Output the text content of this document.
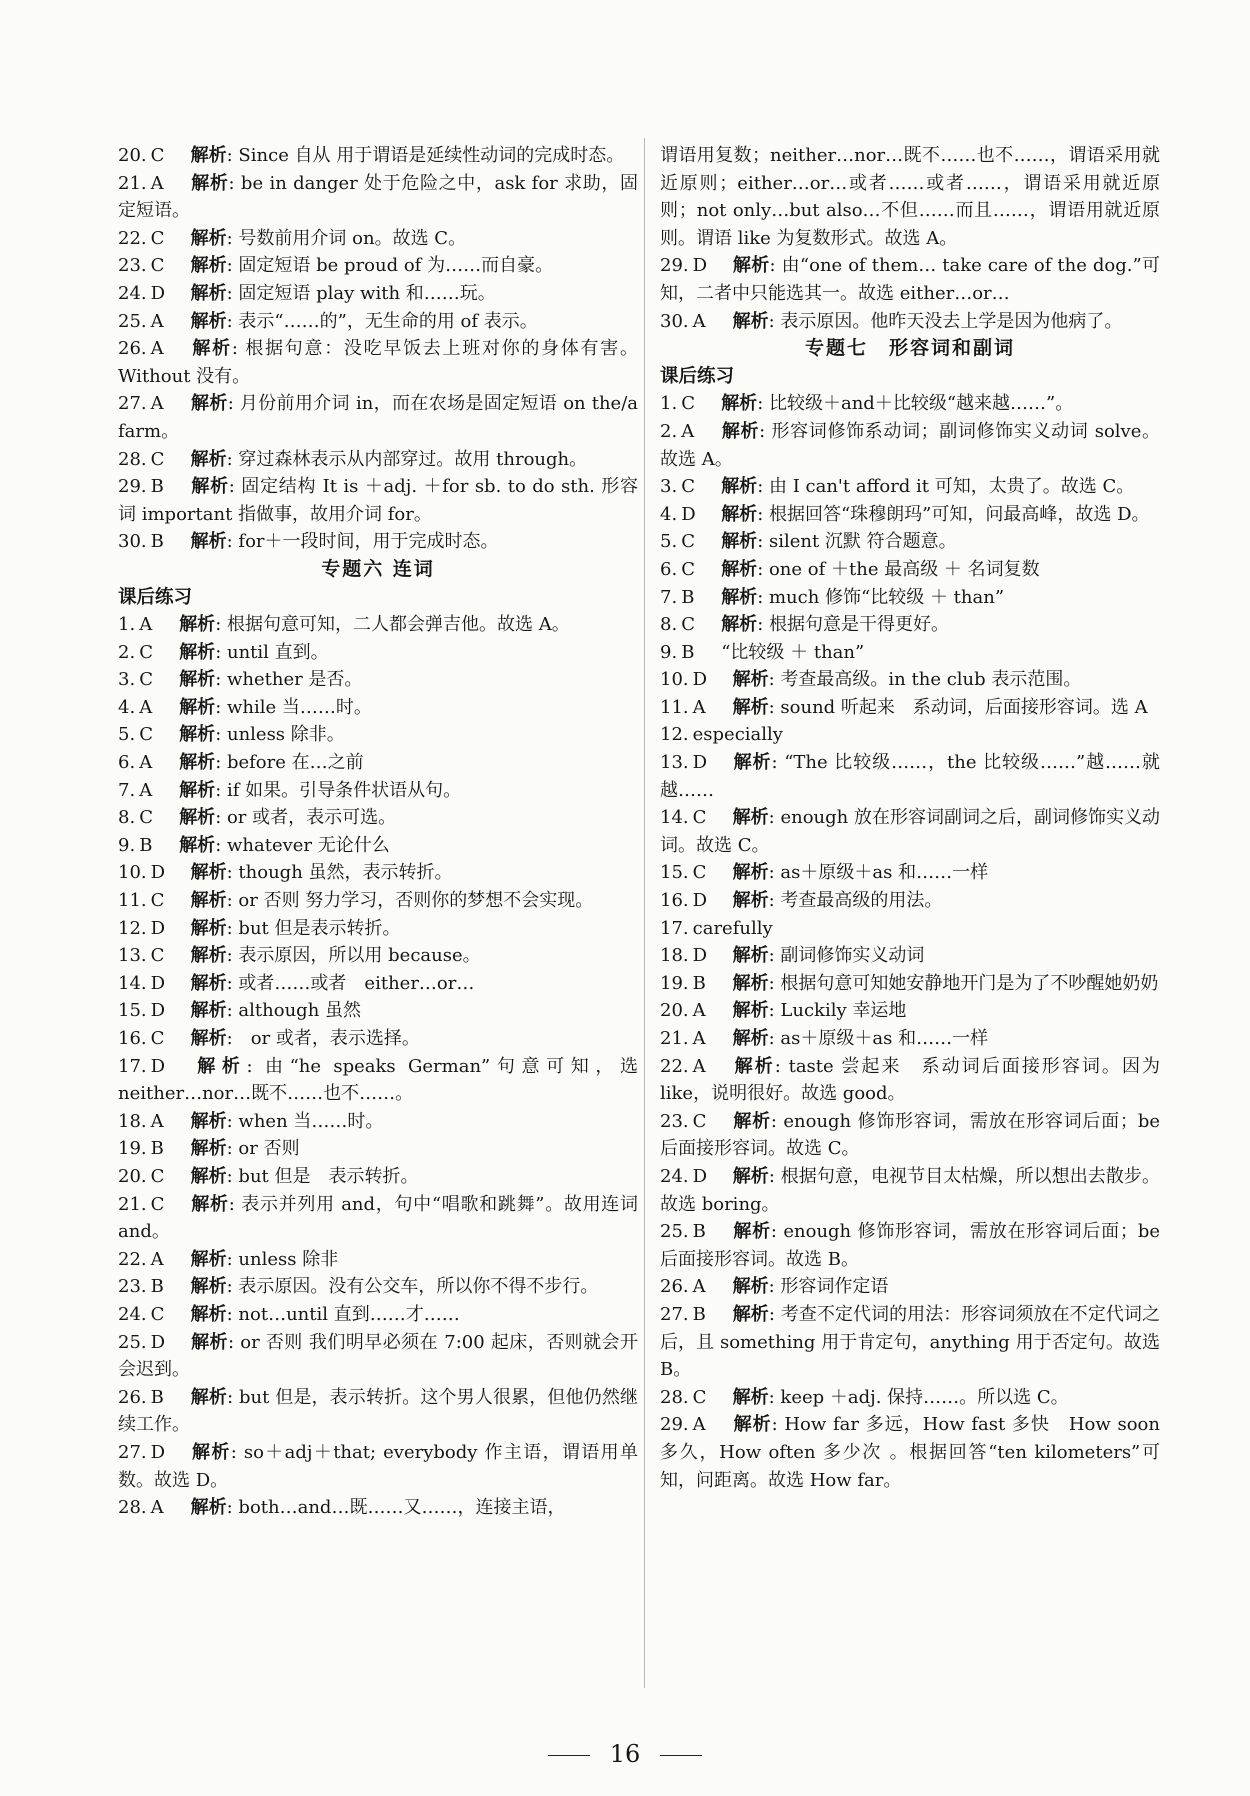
20. C 解析: Since 自从 用于谓语是延续性动词的完成时态。

21. A 解析: be in danger 处于危险之中，ask for 求助，固定短语。

22. C 解析: 号数前用介词 on。故选 C。

23. C 解析: 固定短语 be proud of 为……而自豪。

24. D 解析: 固定短语 play with 和……玩。

25. A 解析: 表示“……的”，无生命的用 of 表示。

26. A 解析: 根据句意：没吃早饭去上班对你的身体有害。Without 没有。

27. A 解析: 月份前用介词 in，而在农场是固定短语 on the/a farm。

28. C 解析: 穿过森林表示从内部穿过。故用 through。

29. B 解析: 固定结构 It is ＋adj. ＋for sb. to do sth. 形容词 important 指做事，故用介词 for。

30. B 解析: for＋一段时间，用于完成时态。

专题六 连词

课后练习

1. A 解析: 根据句意可知，二人都会弹吉他。故选 A。

2. C 解析: until 直到。

3. C 解析: whether 是否。

4. A 解析: while 当……时。

5. C 解析: unless 除非。

6. A 解析: before 在…之前

7. A 解析: if 如果。引导条件状语从句。

8. C 解析: or 或者，表示可选。

9. B 解析: whatever 无论什么

10. D 解析: though 虽然，表示转折。

11. C 解析: or 否则 努力学习，否则你的梦想不会实现。

12. D 解析: but 但是表示转折。

13. C 解析: 表示原因，所以用 because。

14. D 解析: 或者……或者　either…or…

15. D 解析: although 虽然

16. C 解析:　or 或者，表示选择。

17. D 解析: 由“he speaks German”句意可知，选 neither…nor…既不……也不……。

18. A 解析: when 当……时。

19. B 解析: or 否则

20. C 解析: but 但是　表示转折。

21. C 解析: 表示并列用 and，句中“唱歌和跳舞”。故用连词 and。

22. A 解析: unless 除非

23. B 解析: 表示原因。没有公交车，所以你不得不步行。

24. C 解析: not…until 直到……才……

25. D 解析: or 否则 我们明早必须在 7:00 起床，否则就会开会迟到。

26. B 解析: but 但是，表示转折。这个男人很累，但他仍然继续工作。

27. D 解析: so＋adj＋that; everybody 作主语，谓语用单数。故选 D。

28. A 解析: both…and…既……又……，连接主语，

谓语用复数；neither…nor…既不……也不……，谓语采用就近原则；either…or…或者……或者……，谓语采用就近原则；not only…but also…不但……而且……，谓语用就近原则。谓语 like 为复数形式。故选 A。

29. D 解析: 由“one of them… take care of the dog.”可知，二者中只能选其一。故选 either…or…

30. A 解析: 表示原因。他昨天没去上学是因为他病了。

专题七　形容词和副词

课后练习

1. C 解析: 比较级＋and＋比较级“越来越……”。

2. A 解析: 形容词修饰系动词；副词修饰实义动词 solve。故选 A。

3. C 解析: 由 I can't afford it 可知，太贵了。故选 C。

4. D 解析: 根据回答“珠穆朗玛”可知，问最高峰，故选 D。

5. C 解析: silent 沉默 符合题意。

6. C 解析: one of ＋the 最高级 ＋ 名词复数

7. B 解析: much 修饰“比较级 ＋ than”

8. C 解析: 根据句意是干得更好。

9. B “比较级 ＋ than”

10. D 解析: 考查最高级。in the club 表示范围。

11. A 解析: sound 听起来　系动词，后面接形容词。选 A

12. especially

13. D 解析: “The 比较级……，the 比较级……”越……就越……

14. C 解析: enough 放在形容词副词之后，副词修饰实义动词。故选 C。

15. C 解析: as＋原级＋as 和……一样

16. D 解析: 考查最高级的用法。

17. carefully

18. D 解析: 副词修饰实义动词

19. B 解析: 根据句意可知她安静地开门是为了不吵醒她奶奶

20. A 解析: Luckily 幸运地

21. A 解析: as＋原级＋as 和……一样

22. A 解析: taste 尝起来　系动词后面接形容词。因为 like，说明很好。故选 good。

23. C 解析: enough 修饰形容词，需放在形容词后面；be 后面接形容词。故选 C。

24. D 解析: 根据句意，电视节目太枯燥，所以想出去散步。故选 boring。

25. B 解析: enough 修饰形容词，需放在形容词后面；be 后面接形容词。故选 B。

26. A 解析: 形容词作定语

27. B 解析: 考查不定代词的用法：形容词须放在不定代词之后，且 something 用于肯定句，anything 用于否定句。故选 B。

28. C 解析: keep ＋adj. 保持……。所以选 C。

29. A 解析: How far 多远，How fast 多快　How soon 多久，How often 多少次 。根据回答“ten kilometers”可知，问距离。故选 How far。

16
